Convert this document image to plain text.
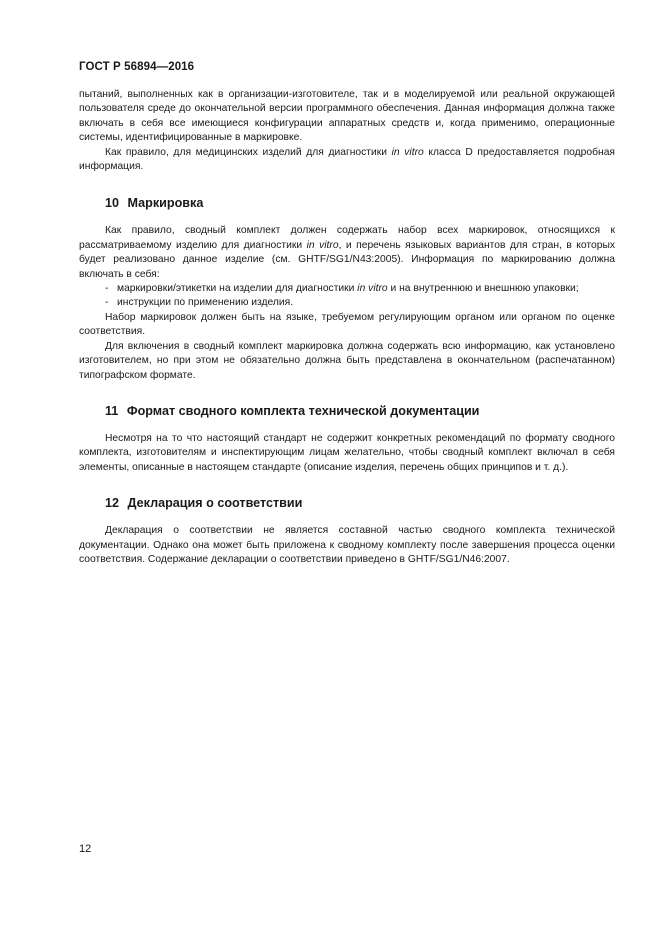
ГОСТ Р 56894—2016

пытаний, выполненных как в организации-изготовителе, так и в моделируемой или реальной окружающей пользователя среде до окончательной версии программного обеспечения. Данная информация должна также включать в себя все имеющиеся конфигурации аппаратных средств и, когда применимо, операционные системы, идентифицированные в маркировке.

Как правило, для медицинских изделий для диагностики in vitro класса D предоставляется подробная информация.

10 Маркировка

Как правило, сводный комплект должен содержать набор всех маркировок, относящихся к рассматриваемому изделию для диагностики in vitro, и перечень языковых вариантов для стран, в которых будет реализовано данное изделие (см. GHTF/SG1/N43:2005). Информация по маркированию должна включать в себя:

- маркировки/этикетки на изделии для диагностики in vitro и на внутреннюю и внешнюю упаковки;
- инструкции по применению изделия.

Набор маркировок должен быть на языке, требуемом регулирующим органом или органом по оценке соответствия.

Для включения в сводный комплект маркировка должна содержать всю информацию, как установлено изготовителем, но при этом не обязательно должна быть представлена в окончательном (распечатанном) типографском формате.

11 Формат сводного комплекта технической документации

Несмотря на то что настоящий стандарт не содержит конкретных рекомендаций по формату сводного комплекта, изготовителям и инспектирующим лицам желательно, чтобы сводный комплект включал в себя элементы, описанные в настоящем стандарте (описание изделия, перечень общих принципов и т. д.).

12 Декларация о соответствии

Декларация о соответствии не является составной частью сводного комплекта технической документации. Однако она может быть приложена к сводному комплекту после завершения процесса оценки соответствия. Содержание декларации о соответствии приведено в GHTF/SG1/N46:2007.

12
